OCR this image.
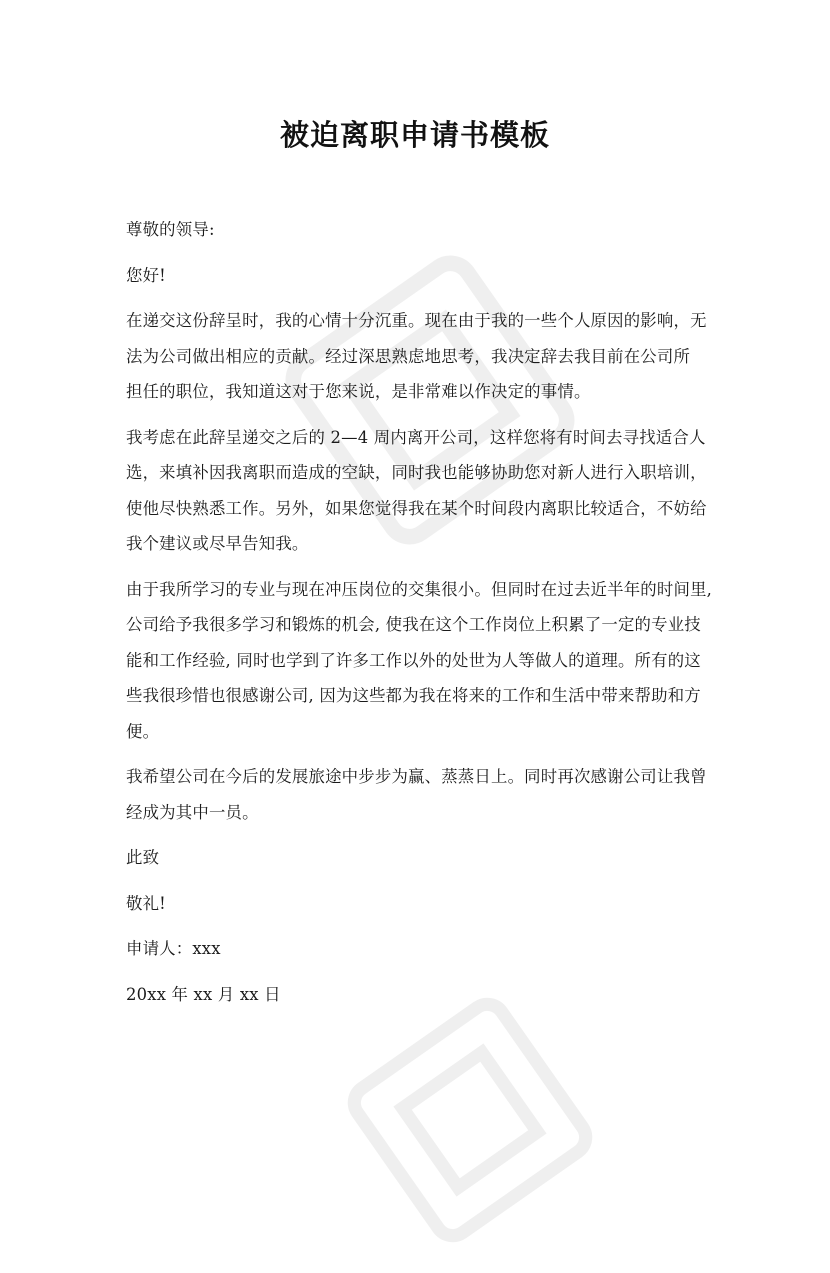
被迫离职申请书模板
尊敬的领导:
您好!
在递交这份辞呈时，我的心情十分沉重。现在由于我的一些个人原因的影响，无
法为公司做出相应的贡献。经过深思熟虑地思考，我决定辞去我目前在公司所
担任的职位，我知道这对于您来说，是非常难以作决定的事情。
我考虑在此辞呈递交之后的 2—4 周内离开公司，这样您将有时间去寻找适合人
选，来填补因我离职而造成的空缺，同时我也能够协助您对新人进行入职培训，
使他尽快熟悉工作。另外，如果您觉得我在某个时间段内离职比较适合，不妨给
我个建议或尽早告知我。
由于我所学习的专业与现在冲压岗位的交集很小。但同时在过去近半年的时间里,
公司给予我很多学习和锻炼的机会, 使我在这个工作岗位上积累了一定的专业技
能和工作经验, 同时也学到了许多工作以外的处世为人等做人的道理。所有的这
些我很珍惜也很感谢公司, 因为这些都为我在将来的工作和生活中带来帮助和方
便。
我希望公司在今后的发展旅途中步步为赢、蒸蒸日上。同时再次感谢公司让我曾
经成为其中一员。
此致
敬礼!
申请人：xxx
20xx 年 xx 月 xx 日
